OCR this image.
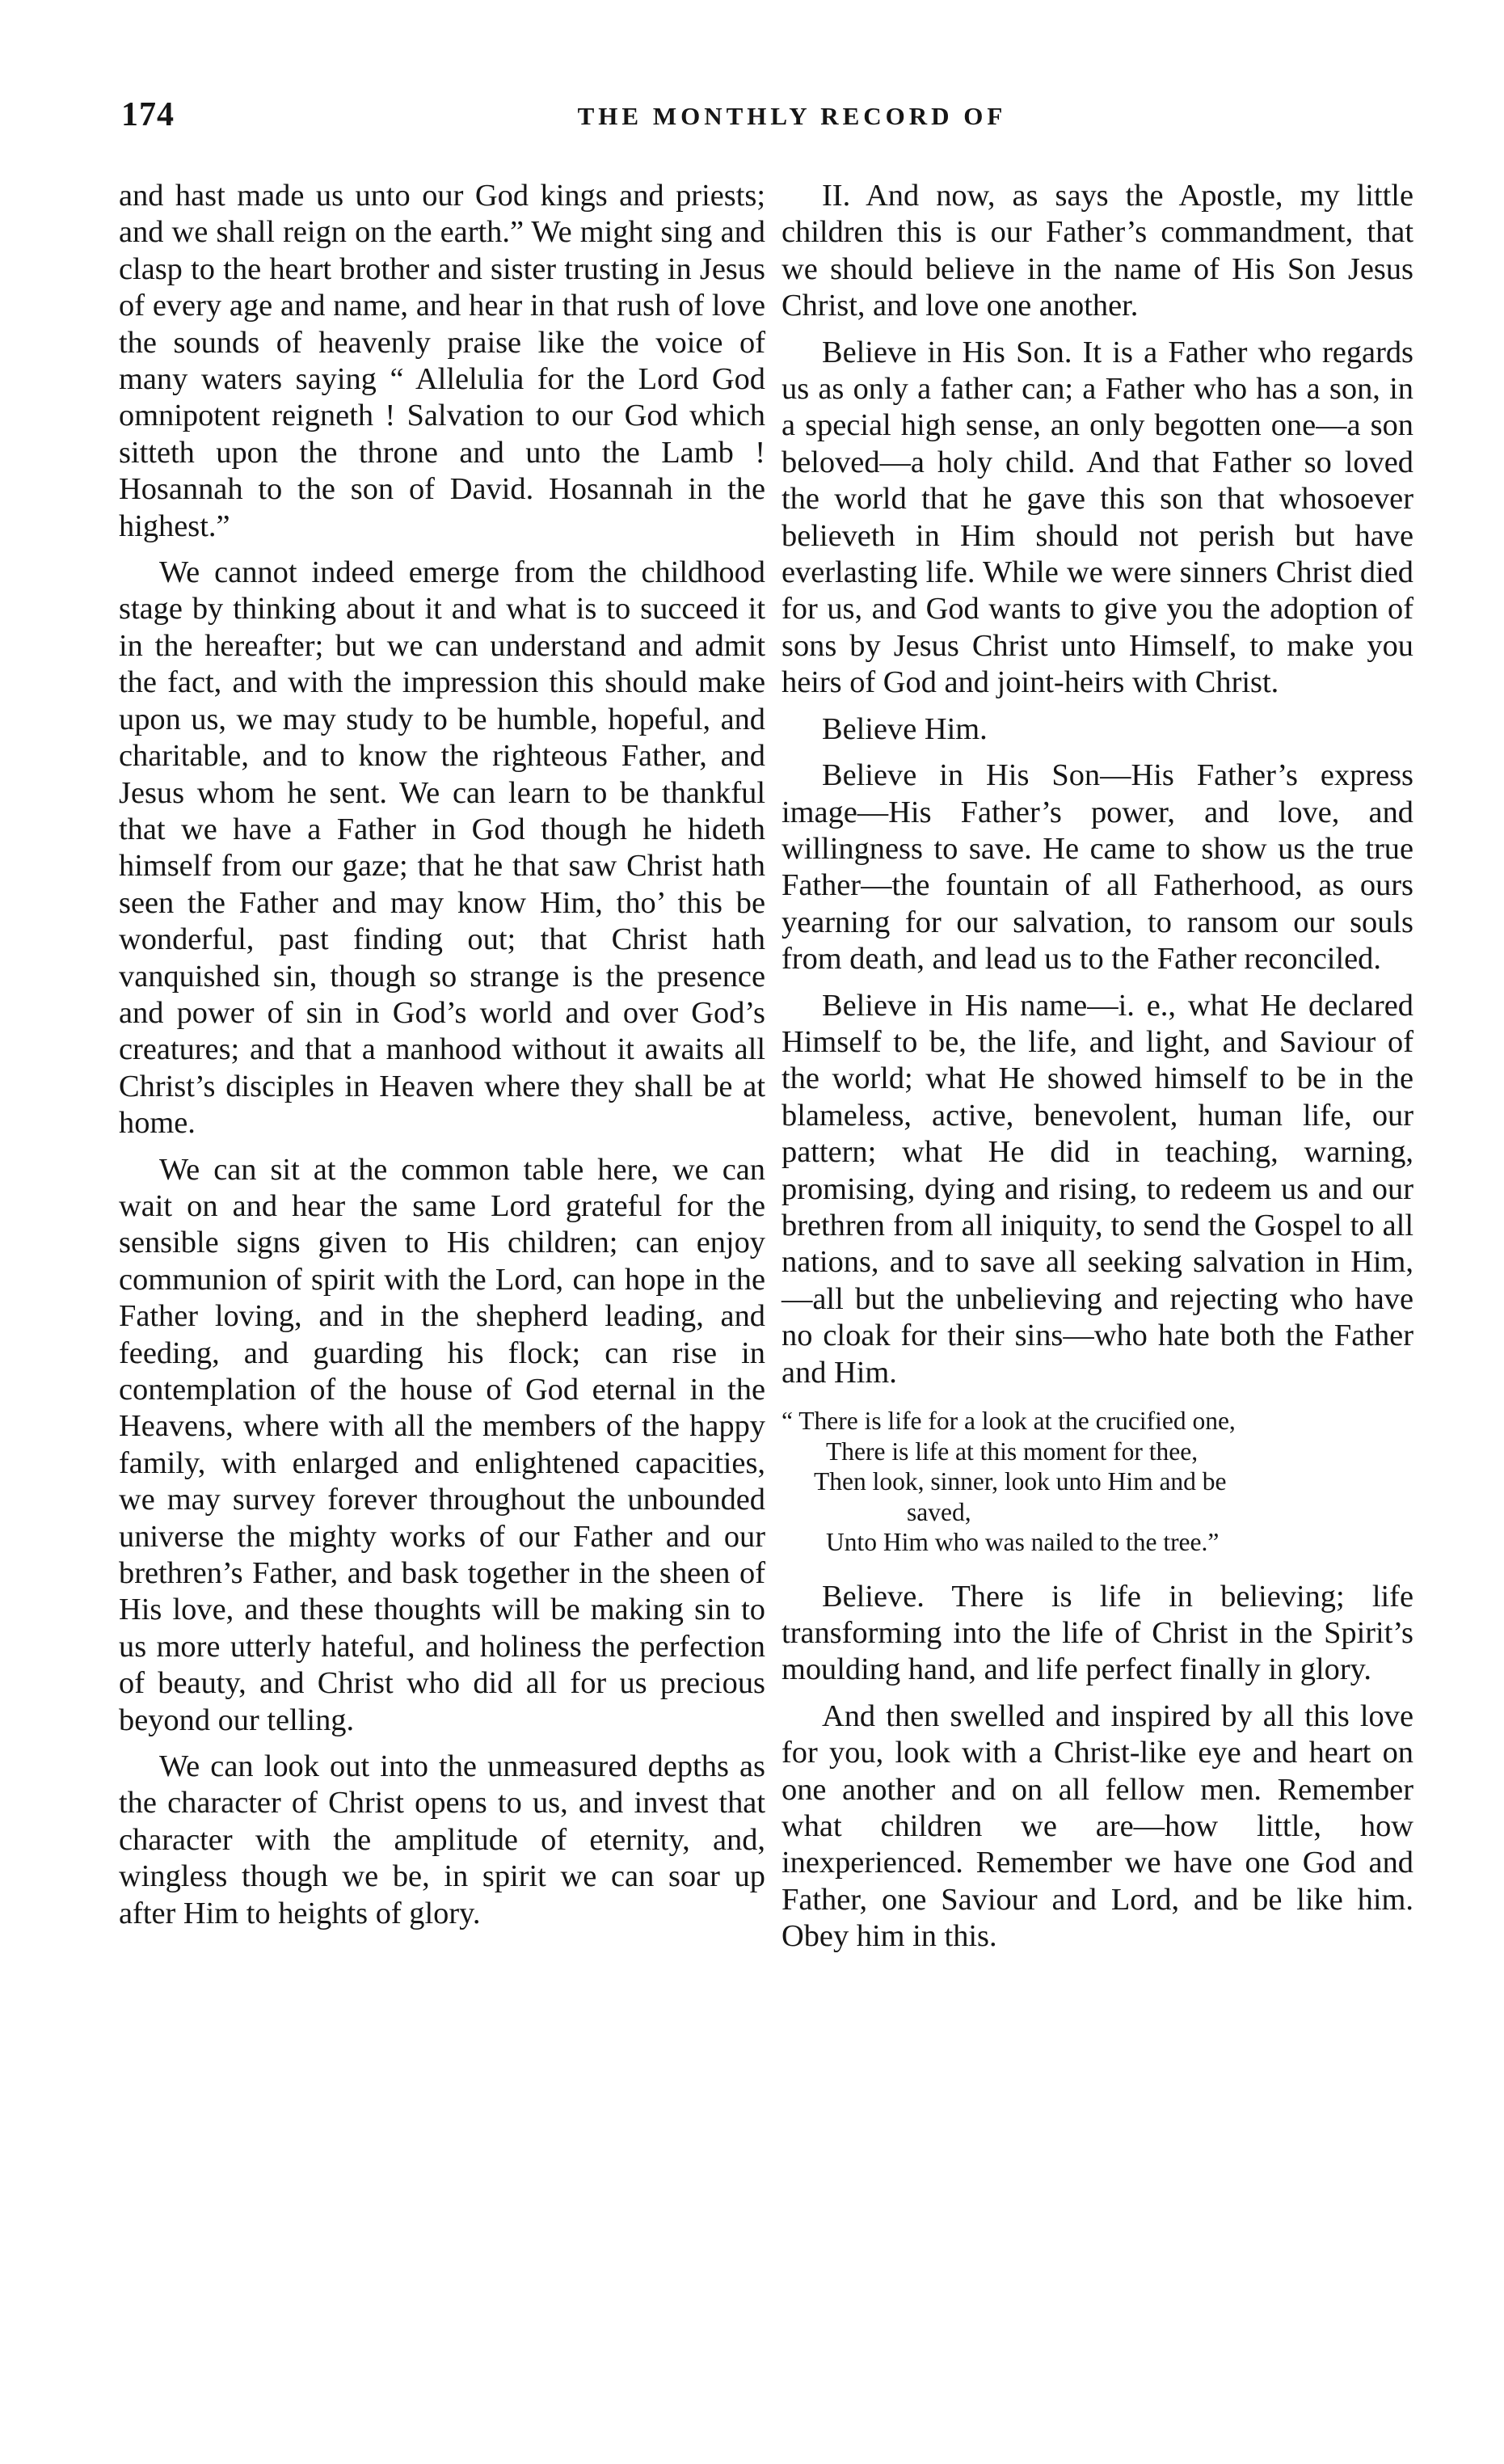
174	THE MONTHLY RECORD OF

and hast made us unto our God kings and priests; and we shall reign on the earth.” We might sing and clasp to the heart brother and sister trusting in Jesus of every age and name, and hear in that rush of love the sounds of heavenly praise like the voice of many waters saying “ Allelulia for the Lord God omnipotent reigneth ! Salvation to our God which sitteth upon the throne and unto the Lamb ! Hosannah to the son of David. Hosannah in the highest.”

We cannot indeed emerge from the childhood stage by thinking about it and what is to succeed it in the hereafter; but we can understand and admit the fact, and with the impression this should make upon us, we may study to be humble, hopeful, and charitable, and to know the righteous Father, and Jesus whom he sent. We can learn to be thankful that we have a Father in God though he hideth himself from our gaze; that he that saw Christ hath seen the Father and may know Him, tho’ this be wonderful, past finding out; that Christ hath vanquished sin, though so strange is the presence and power of sin in God’s world and over God’s creatures; and that a manhood without it awaits all Christ’s disciples in Heaven where they shall be at home.

We can sit at the common table here, we can wait on and hear the same Lord grateful for the sensible signs given to His children; can enjoy communion of spirit with the Lord, can hope in the Father loving, and in the shepherd leading, and feeding, and guarding his flock; can rise in contemplation of the house of God eternal in the Heavens, where with all the members of the happy family, with enlarged and enlightened capacities, we may survey forever throughout the unbounded universe the mighty works of our Father and our brethren’s Father, and bask together in the sheen of His love, and these thoughts will be making sin to us more utterly hateful, and holiness the perfection of beauty, and Christ who did all for us precious beyond our telling.

We can look out into the unmeasured depths as the character of Christ opens to us, and invest that character with the amplitude of eternity, and, wingless though we be, in spirit we can soar up after Him to heights of glory.

II. And now, as says the Apostle, my little children this is our Father’s commandment, that we should believe in the name of His Son Jesus Christ, and love one another.

Believe in His Son. It is a Father who regards us as only a father can; a Father who has a son, in a special high sense, an only begotten one—a son beloved—a holy child. And that Father so loved the world that he gave this son that whosoever believeth in Him should not perish but have everlasting life. While we were sinners Christ died for us, and God wants to give you the adoption of sons by Jesus Christ unto Himself, to make you heirs of God and joint-heirs with Christ.

Believe Him.

Believe in His Son—His Father’s express image—His Father’s power, and love, and willingness to save. He came to show us the true Father—the fountain of all Fatherhood, as ours yearning for our salvation, to ransom our souls from death, and lead us to the Father reconciled.

Believe in His name—i. e., what He declared Himself to be, the life, and light, and Saviour of the world; what He showed himself to be in the blameless, active, benevolent, human life, our pattern; what He did in teaching, warning, promising, dying and rising, to redeem us and our brethren from all iniquity, to send the Gospel to all nations, and to save all seeking salvation in Him,—all but the unbelieving and rejecting who have no cloak for their sins—who hate both the Father and Him.

“ There is life for a look at the crucified one,
There is life at this moment for thee,
Then look, sinner, look unto Him and be
saved,
Unto Him who was nailed to the tree.”

Believe. There is life in believing; life transforming into the life of Christ in the Spirit’s moulding hand, and life perfect finally in glory.

And then swelled and inspired by all this love for you, look with a Christ-like eye and heart on one another and on all fellow men. Remember what children we are—how little, how inexperienced. Remember we have one God and Father, one Saviour and Lord, and be like him. Obey him in this.
